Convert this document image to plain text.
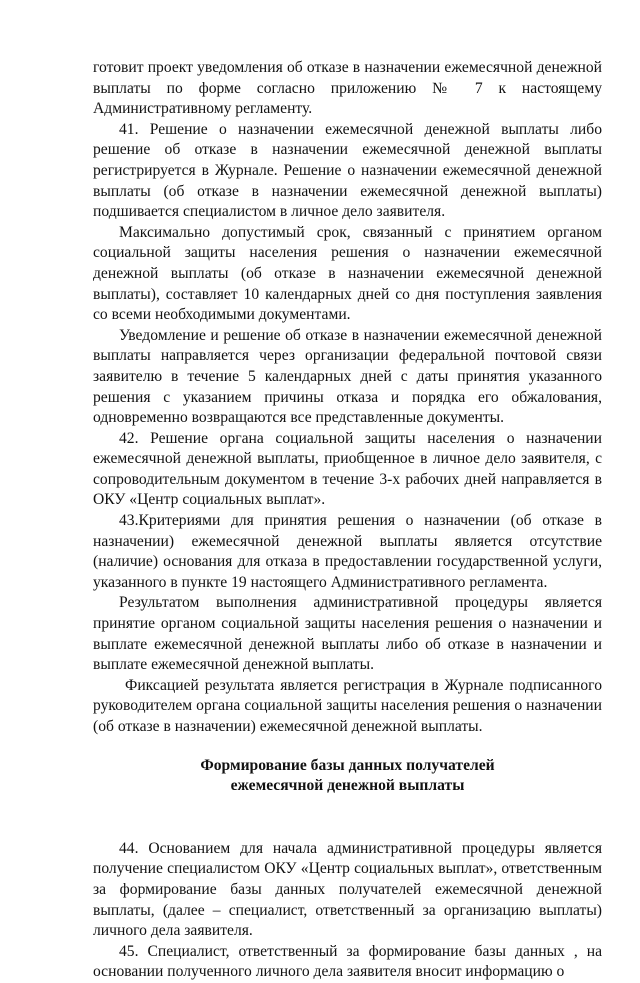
готовит проект уведомления об отказе в назначении ежемесячной денежной выплаты по форме согласно приложению № 7 к настоящему Административному регламенту.

41. Решение о назначении ежемесячной денежной выплаты либо решение об отказе в назначении ежемесячной денежной выплаты регистрируется в Журнале. Решение о назначении ежемесячной денежной выплаты (об отказе в назначении ежемесячной денежной выплаты) подшивается специалистом в личное дело заявителя.

Максимально допустимый срок, связанный с принятием органом социальной защиты населения решения о назначении ежемесячной денежной выплаты (об отказе в назначении ежемесячной денежной выплаты), составляет 10 календарных дней со дня поступления заявления со всеми необходимыми документами.

Уведомление и решение об отказе в назначении ежемесячной денежной выплаты направляется через организации федеральной почтовой связи заявителю в течение 5 календарных дней с даты принятия указанного решения с указанием причины отказа и порядка его обжалования, одновременно возвращаются все представленные документы.

42. Решение органа социальной защиты населения о назначении ежемесячной денежной выплаты, приобщенное в личное дело заявителя, с сопроводительным документом в течение 3-х рабочих дней направляется в ОКУ «Центр социальных выплат».

43.Критериями для принятия решения о назначении (об отказе в назначении) ежемесячной денежной выплаты является отсутствие (наличие) основания для отказа в предоставлении государственной услуги, указанного в пункте 19 настоящего Административного регламента.

Результатом выполнения административной процедуры является принятие органом социальной защиты населения решения о назначении и выплате ежемесячной денежной выплаты либо об отказе в назначении и выплате ежемесячной денежной выплаты.

Фиксацией результата является регистрация в Журнале подписанного руководителем органа социальной защиты населения решения о назначении (об отказе в назначении) ежемесячной денежной выплаты.

Формирование базы данных получателей

ежемесячной денежной выплаты

44. Основанием для начала административной процедуры является получение специалистом ОКУ «Центр социальных выплат», ответственным за формирование базы данных получателей ежемесячной денежной выплаты, (далее – специалист, ответственный за организацию выплаты) личного дела заявителя.

45. Специалист, ответственный за формирование базы данных , на основании полученного личного дела заявителя вносит информацию о
